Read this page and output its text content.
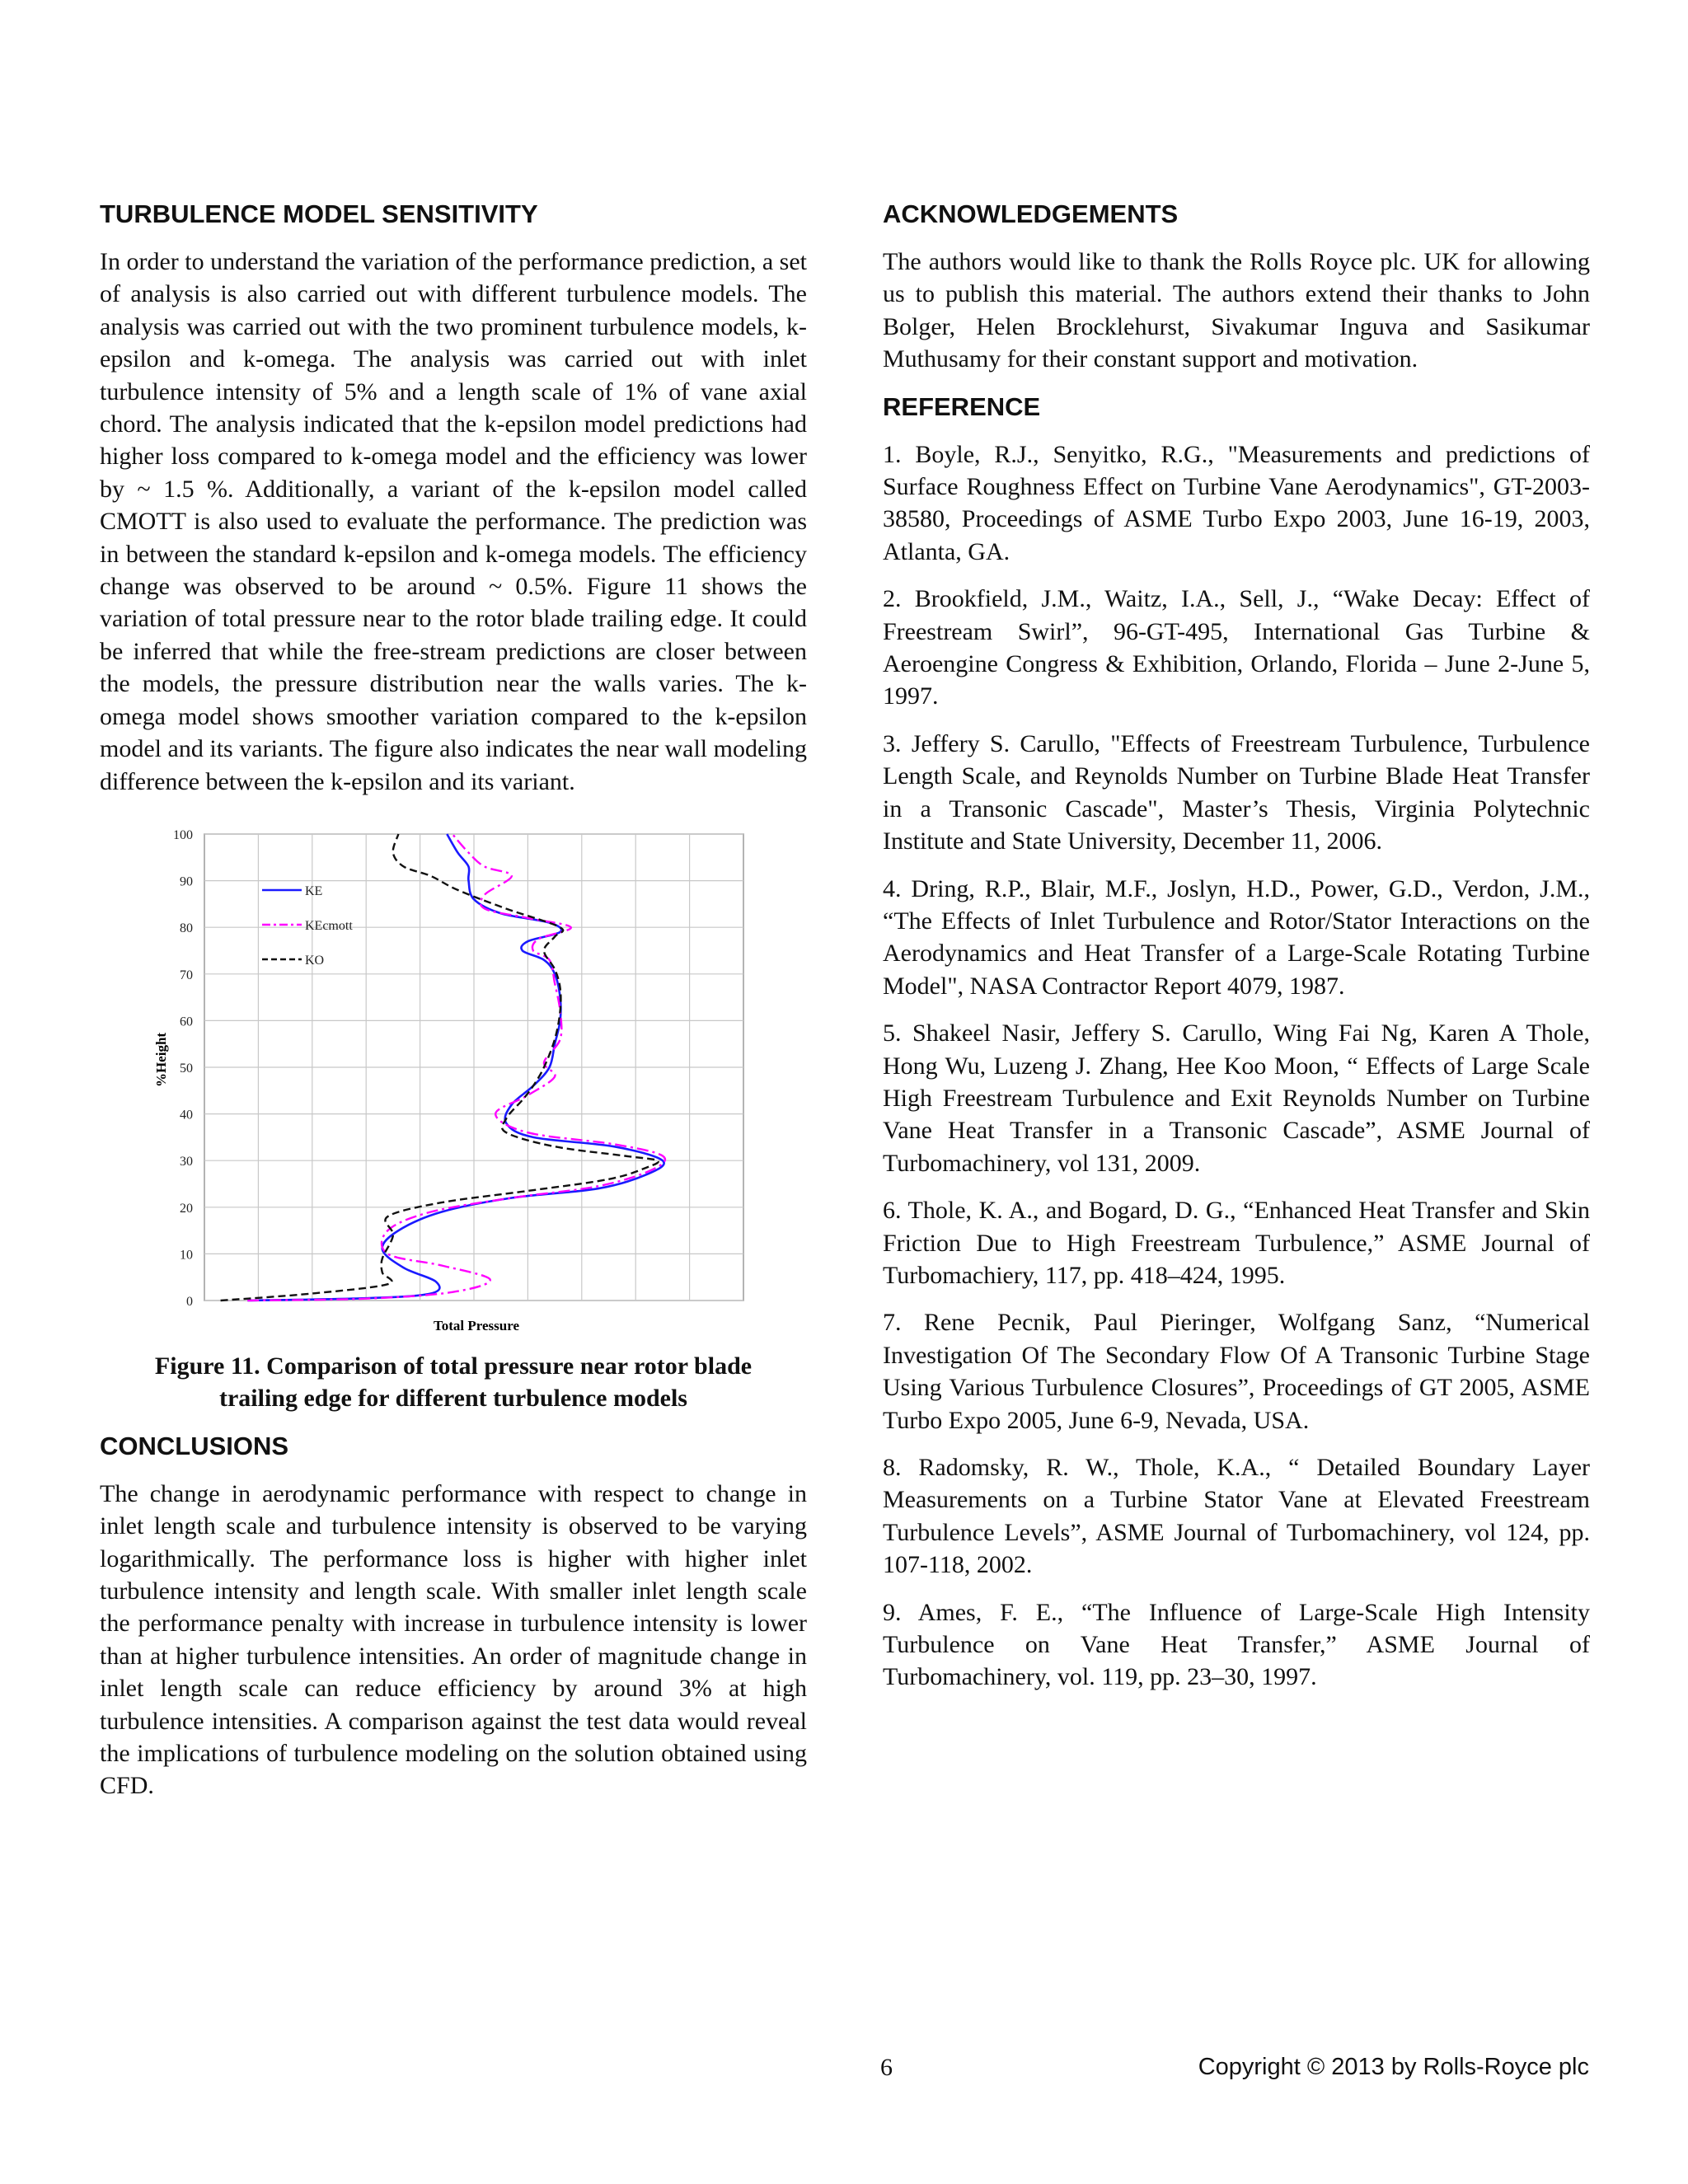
TURBULENCE MODEL SENSITIVITY

In order to understand the variation of the performance prediction, a set of analysis is also carried out with different turbulence models. The analysis was carried out with the two prominent turbulence models, k-epsilon and k-omega. The analysis was carried out with inlet turbulence intensity of 5% and a length scale of 1% of vane axial chord. The analysis indicated that the k-epsilon model predictions had higher loss compared to k-omega model and the efficiency was lower by ~ 1.5 %. Additionally, a variant of the k-epsilon model called CMOTT is also used to evaluate the performance. The prediction was in between the standard k-epsilon and k-omega models. The efficiency change was observed to be around ~ 0.5%. Figure 11 shows the variation of total pressure near to the rotor blade trailing edge. It could be inferred that while the free-stream predictions are closer between the models, the pressure distribution near the walls varies. The k-omega model shows smoother variation compared to the k-epsilon model and its variants. The figure also indicates the near wall modeling difference between the k-epsilon and its variant.

0
10
20
30
40
50
60
70
80
90
100
KE
KEcmott
KO
%Height
Total Pressure
Figure 11. Comparison of total pressure near rotor blade
trailing edge for different turbulence models
CONCLUSIONS

The change in aerodynamic performance with respect to change in inlet length scale and turbulence intensity is observed to be varying logarithmically. The performance loss is higher with higher inlet turbulence intensity and length scale. With smaller inlet length scale the performance penalty with increase in turbulence intensity is lower than at higher turbulence intensities. An order of magnitude change in inlet length scale can reduce efficiency by around 3% at high turbulence intensities. A comparison against the test data would reveal the implications of turbulence modeling on the solution obtained using CFD.

ACKNOWLEDGEMENTS

The authors would like to thank the Rolls Royce plc. UK for allowing us to publish this material. The authors extend their thanks to John Bolger, Helen Brocklehurst, Sivakumar Inguva and Sasikumar Muthusamy for their constant support and motivation.

REFERENCE

1. Boyle, R.J., Senyitko, R.G., "Measurements and predictions of Surface Roughness Effect on Turbine Vane Aerodynamics", GT-2003-38580, Proceedings of ASME Turbo Expo 2003, June 16-19, 2003, Atlanta, GA.

2. Brookfield, J.M., Waitz, I.A., Sell, J., “Wake Decay: Effect of Freestream Swirl”, 96-GT-495, International Gas Turbine & Aeroengine Congress & Exhibition, Orlando, Florida – June 2-June 5, 1997.

3. Jeffery S. Carullo, "Effects of Freestream Turbulence, Turbulence Length Scale, and Reynolds Number on Turbine Blade Heat Transfer in a Transonic Cascade", Master’s Thesis, Virginia Polytechnic Institute and State University, December 11, 2006.

4. Dring, R.P., Blair, M.F., Joslyn, H.D., Power, G.D., Verdon, J.M., “The Effects of Inlet Turbulence and Rotor/Stator Interactions on the Aerodynamics and Heat Transfer of a Large-Scale Rotating Turbine Model", NASA Contractor Report 4079, 1987.

5. Shakeel Nasir, Jeffery S. Carullo, Wing Fai Ng, Karen A Thole, Hong Wu, Luzeng J. Zhang, Hee Koo Moon, “ Effects of Large Scale High Freestream Turbulence and Exit Reynolds Number on Turbine Vane Heat Transfer in a Transonic Cascade”, ASME Journal of Turbomachinery, vol 131, 2009.

6. Thole, K. A., and Bogard, D. G., “Enhanced Heat Transfer and Skin Friction Due to High Freestream Turbulence,” ASME Journal of Turbomachiery, 117, pp. 418–424, 1995.

7. Rene Pecnik, Paul Pieringer, Wolfgang Sanz, “Numerical Investigation Of The Secondary Flow Of A Transonic Turbine Stage Using Various Turbulence Closures”, Proceedings of GT 2005, ASME Turbo Expo 2005, June 6-9, Nevada, USA.

8. Radomsky, R. W., Thole, K.A., “ Detailed Boundary Layer Measurements on a Turbine Stator Vane at Elevated Freestream Turbulence Levels”, ASME Journal of Turbomachinery, vol 124, pp. 107-118, 2002.

9. Ames, F. E., “The Influence of Large-Scale High Intensity Turbulence on Vane Heat Transfer,” ASME Journal of Turbomachinery, vol. 119, pp. 23–30, 1997.

6	Copyright © 2013 by Rolls-Royce plc
